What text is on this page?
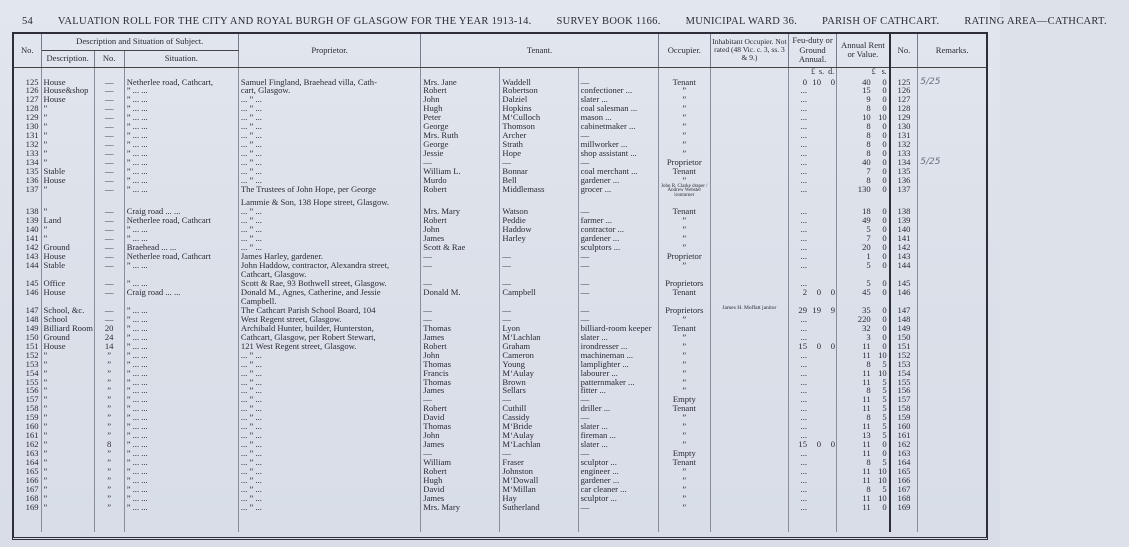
54 VALUATION ROLL FOR THE CITY AND ROYAL BURGH OF GLASGOW FOR THE YEAR 1913-14. SURVEY BOOK 1166. MUNICIPAL WARD 36. PARISH OF CATHCART. RATING AREA—CATHCART.
No.	Description and Situation of Subject.			Proprietor.	Tenant.			Occupier.	Inhabitant Occupier. Not rated (48 Vic. c. 3, ss. 3 & 9.)	Feu-duty or Ground Annual.	Annual Rent or Value.	No.	Remarks.
	Description.	No.	Situation.										
										£ s. d.	£ s.		
125	House	—	Netherlee road, Cathcart,	Samuel Fingland, Braehead villa, Cath-	Mrs. Jane	Waddell	—	Tenant		0 10 0	40 0	125	5/25
126	House&shop	—	” ... ...	cart, Glasgow.	Robert	Robertson	confectioner ...	”		...	15 0	126	
127	House	—	” ... ...	... ” ...	John	Dalziel	slater ...	”		...	9 0	127	
128	”	—	” ... ...	... ” ...	Hugh	Hopkins	coal salesman ...	”		...	8 0	128	
129	”	—	” ... ...	... ” ...	Peter	M‘Culloch	mason ...	”		...	10 10	129	
130	”	—	” ... ...	... ” ...	George	Thomson	cabinetmaker ...	”		...	8 0	130	
131	”	—	” ... ...	... ” ...	Mrs. Ruth	Archer	—	”		...	8 0	131	
132	”	—	” ... ...	... ” ...	George	Strath	millworker ...	”		...	8 0	132	
133	”	—	” ... ...	... ” ...	Jessie	Hope	shop assistant ...	”		...	8 0	133	
134	”	—	” ... ...	... ” ...	—	—	—	Proprietor		...	40 0	134	5/25
135	Stable	—	” ... ...	... ” ...	William L.	Bonnar	coal merchant ...	Tenant		...	7 0	135	
136	House	—	” ... ...	... ” ...	Murdo	Bell	gardener ...	”		...	8 0	136	
137	”	—	” ... ...	The Trustees of John Hope, per George	Robert	Middlemass	grocer ...	John R. Clarke draper / Andrew Webster ironturner		...	130 0	137	
				Lammie & Son, 138 Hope street, Glasgow.									
138	”	—	Craig road ... ...	... ” ...	Mrs. Mary	Watson	—	Tenant		...	18 0	138	
139	Land	—	Netherlee road, Cathcart	... ” ...	Robert	Peddie	farmer ...	”		...	49 0	139	
140	”	—	” ... ...	... ” ...	John	Haddow	contractor ...	”		...	5 0	140	
141	”	—	” ... ...	... ” ...	James	Harley	gardener ...	”		...	7 0	141	
142	Ground	—	Braehead ... ...	... ” ...	Scott & Rae		sculptors ...	”		...	20 0	142	
143	House	—	Netherlee road, Cathcart	James Harley, gardener.	—	—	—	Proprietor		...	1 0	143	
144	Stable	—	” ... ...	John Haddow, contractor, Alexandra street,	—	—	—	”		...	5 0	144	
				Cathcart, Glasgow.									
145	Office	—	” ... ...	Scott & Rae, 93 Bothwell street, Glasgow.	—	—	—	Proprietors		...	5 0	145	
146	House	—	Craig road ... ...	Donald M., Agnes, Catherine, and Jessie	Donald M.	Campbell	—	Tenant		2 0 0	45 0	146	
				Campbell.									
147	School, &c.	—	” ... ...	The Cathcart Parish School Board, 104	—	—	—	Proprietors	James H. Moffatt janitor	29 19 9	35 0	147	
148	School	—	” ... ...	West Regent street, Glasgow.	—	—	—	”		...	220 0	148	
149	Billiard Room	20	” ... ...	Archibald Hunter, builder, Hunterston,	Thomas	Lyon	billiard-room keeper	Tenant		...	32 0	149	
150	Ground	24	” ... ...	Cathcart, Glasgow, per Robert Stewart,	James	M‘Lachlan	slater ...	”		...	3 0	150	
151	House	14	” ... ...	121 West Regent street, Glasgow.	Robert	Graham	irondresser ...	”		15 0 0	11 0	151	
152	”	”	” ... ...	... ” ...	John	Cameron	machineman ...	”		...	11 10	152	
153	”	”	” ... ...	... ” ...	Thomas	Young	lamplighter ...	”		...	8 5	153	
154	”	”	” ... ...	... ” ...	Francis	M‘Aulay	labourer ...	”		...	11 10	154	
155	”	”	” ... ...	... ” ...	Thomas	Brown	patternmaker ...	”		...	11 5	155	
156	”	”	” ... ...	... ” ...	James	Sellars	fitter ...	”		...	8 5	156	
157	”	”	” ... ...	... ” ...	—	—	—	Empty		...	11 5	157	
158	”	”	” ... ...	... ” ...	Robert	Cuthill	driller ...	Tenant		...	11 5	158	
159	”	”	” ... ...	... ” ...	David	Cassidy	—	”		...	8 5	159	
160	”	”	” ... ...	... ” ...	Thomas	M‘Bride	slater ...	”		...	11 5	160	
161	”	”	” ... ...	... ” ...	John	M‘Aulay	fireman ...	”		...	13 5	161	
162	”	8	” ... ...	... ” ...	James	M‘Lachlan	slater ...	”		15 0 0	11 0	162	
163	”	”	” ... ...	... ” ...	—	—	—	Empty		...	11 0	163	
164	”	”	” ... ...	... ” ...	William	Fraser	sculptor ...	Tenant		...	8 5	164	
165	”	”	” ... ...	... ” ...	Robert	Johnston	engineer ...	”		...	11 10	165	
166	”	”	” ... ...	... ” ...	Hugh	M‘Dowall	gardener ...	”		...	11 10	166	
167	”	”	” ... ...	... ” ...	David	M‘Millan	car cleaner ...	”		...	8 5	167	
168	”	”	” ... ...	... ” ...	James	Hay	sculptor ...	”		...	11 10	168	
169	”	”	” ... ...	... ” ...	Mrs. Mary	Sutherland	—	”		...	11 0	169	
